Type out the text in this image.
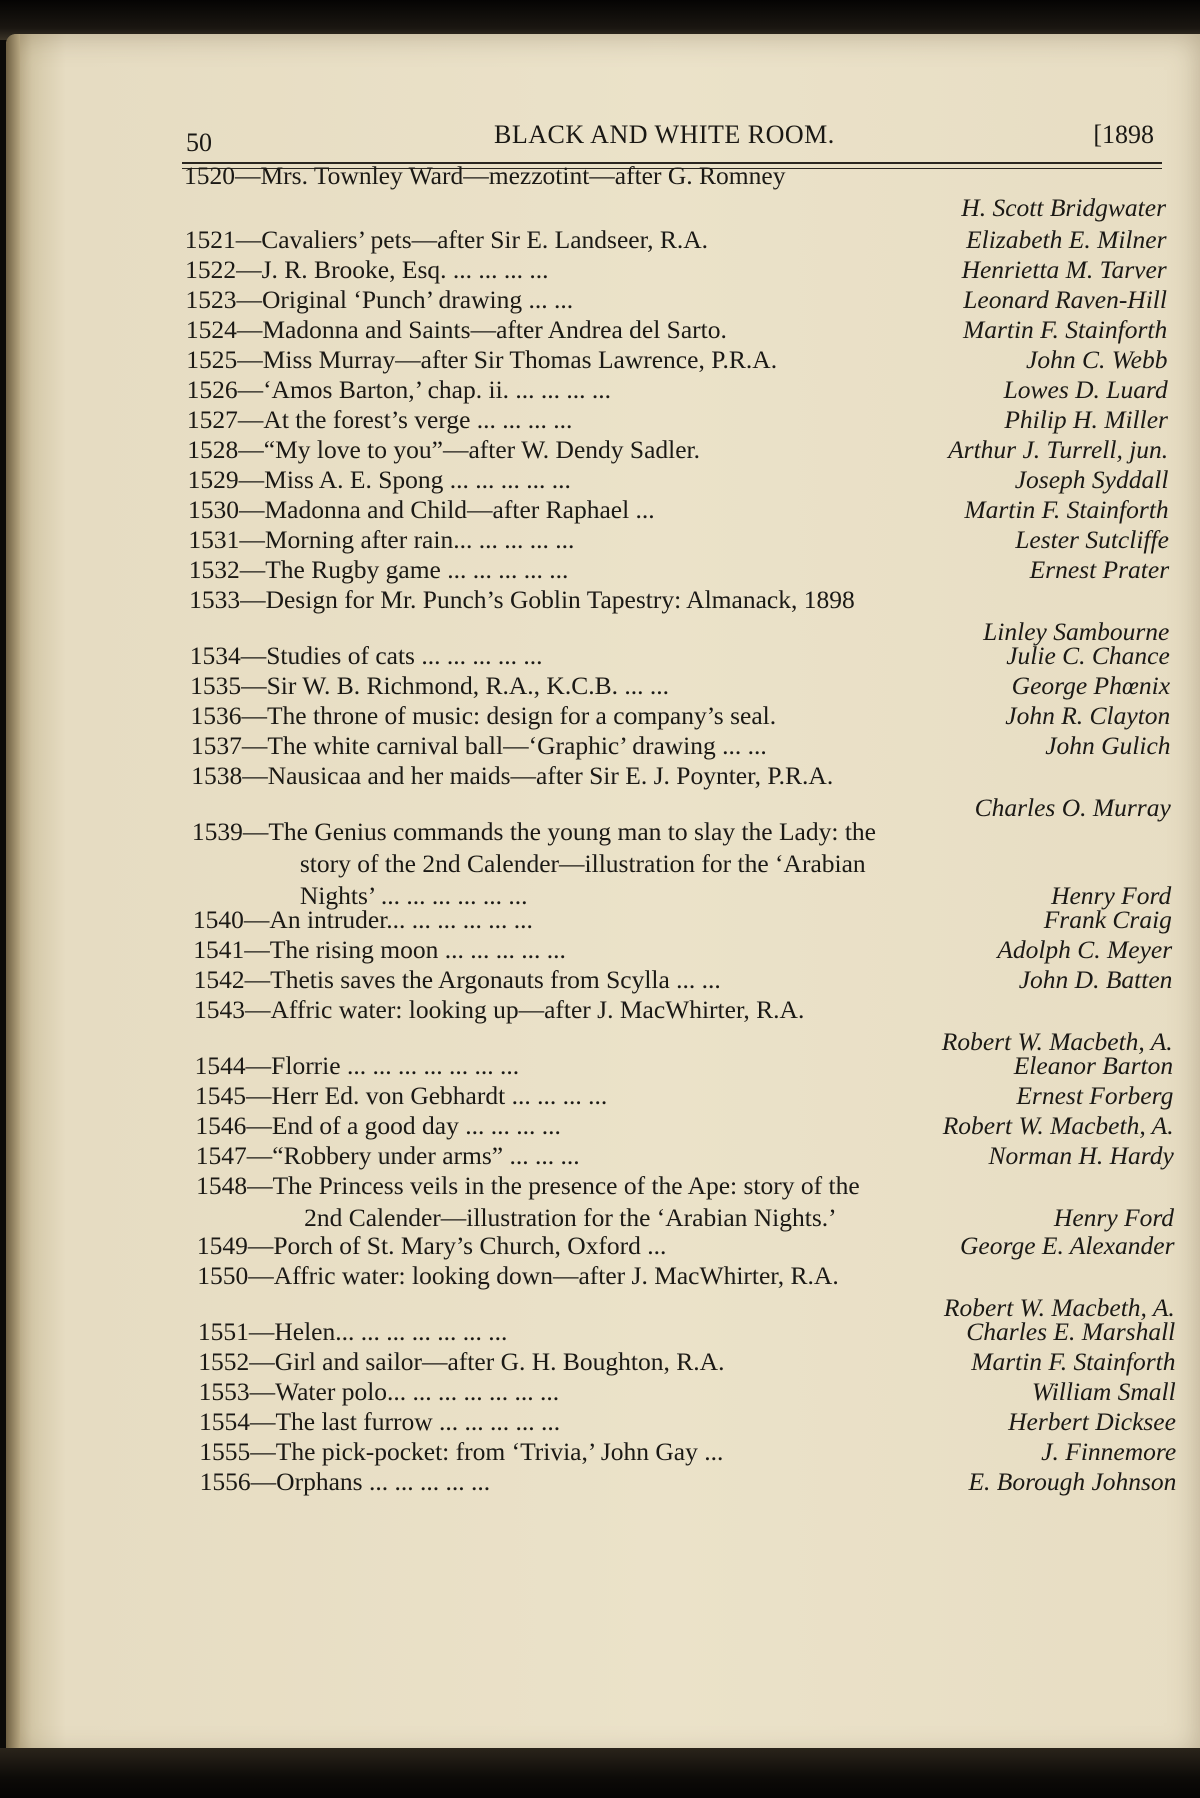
50	BLACK AND WHITE ROOM.	[1898
1520—Mrs. Townley Ward—mezzotint—after G. Romney
H. Scott Bridgwater
1521—Cavaliers’ pets—after Sir E. Landseer, R.A.	Elizabeth E. Milner
1522—J. R. Brooke, Esq. ... ... ... ...	Henrietta M. Tarver
1523—Original ‘Punch’ drawing ... ...	Leonard Raven-Hill
1524—Madonna and Saints—after Andrea del Sarto.	Martin F. Stainforth
1525—Miss Murray—after Sir Thomas Lawrence, P.R.A.	John C. Webb
1526—‘Amos Barton,’ chap. ii. ... ... ... ...	Lowes D. Luard
1527—At the forest’s verge ... ... ... ...	Philip H. Miller
1528—“My love to you”—after W. Dendy Sadler.	Arthur J. Turrell, jun.
1529—Miss A. E. Spong ... ... ... ... ...	Joseph Syddall
1530—Madonna and Child—after Raphael ...	Martin F. Stainforth
1531—Morning after rain... ... ... ... ...	Lester Sutcliffe
1532—The Rugby game ... ... ... ... ...	Ernest Prater
1533—Design for Mr. Punch’s Goblin Tapestry: Almanack, 1898
Linley Sambourne
1534—Studies of cats ... ... ... ... ...	Julie C. Chance
1535—Sir W. B. Richmond, R.A., K.C.B. ... ...	George Phœnix
1536—The throne of music: design for a company’s seal.	John R. Clayton
1537—The white carnival ball—‘Graphic’ drawing ... ...	John Gulich
1538—Nausicaa and her maids—after Sir E. J. Poynter, P.R.A.
Charles O. Murray
1539—The Genius commands the young man to slay the Lady: the
story of the 2nd Calender—illustration for the ‘Arabian
Nights’ ... ... ... ... ... ...	Henry Ford
1540—An intruder... ... ... ... ... ...	Frank Craig
1541—The rising moon ... ... ... ... ...	Adolph C. Meyer
1542—Thetis saves the Argonauts from Scylla ... ...	John D. Batten
1543—Affric water: looking up—after J. MacWhirter, R.A.
Robert W. Macbeth, A.
1544—Florrie ... ... ... ... ... ... ...	Eleanor Barton
1545—Herr Ed. von Gebhardt ... ... ... ...	Ernest Forberg
1546—End of a good day ... ... ... ...	Robert W. Macbeth, A.
1547—“Robbery under arms” ... ... ...	Norman H. Hardy
1548—The Princess veils in the presence of the Ape: story of the
2nd Calender—illustration for the ‘Arabian Nights.’	Henry Ford
1549—Porch of St. Mary’s Church, Oxford ...	George E. Alexander
1550—Affric water: looking down—after J. MacWhirter, R.A.
Robert W. Macbeth, A.
1551—Helen... ... ... ... ... ... ...	Charles E. Marshall
1552—Girl and sailor—after G. H. Boughton, R.A.	Martin F. Stainforth
1553—Water polo... ... ... ... ... ... ...	William Small
1554—The last furrow ... ... ... ... ...	Herbert Dicksee
1555—The pick-pocket: from ‘Trivia,’ John Gay ...	J. Finnemore
1556—Orphans ... ... ... ... ...	E. Borough Johnson
